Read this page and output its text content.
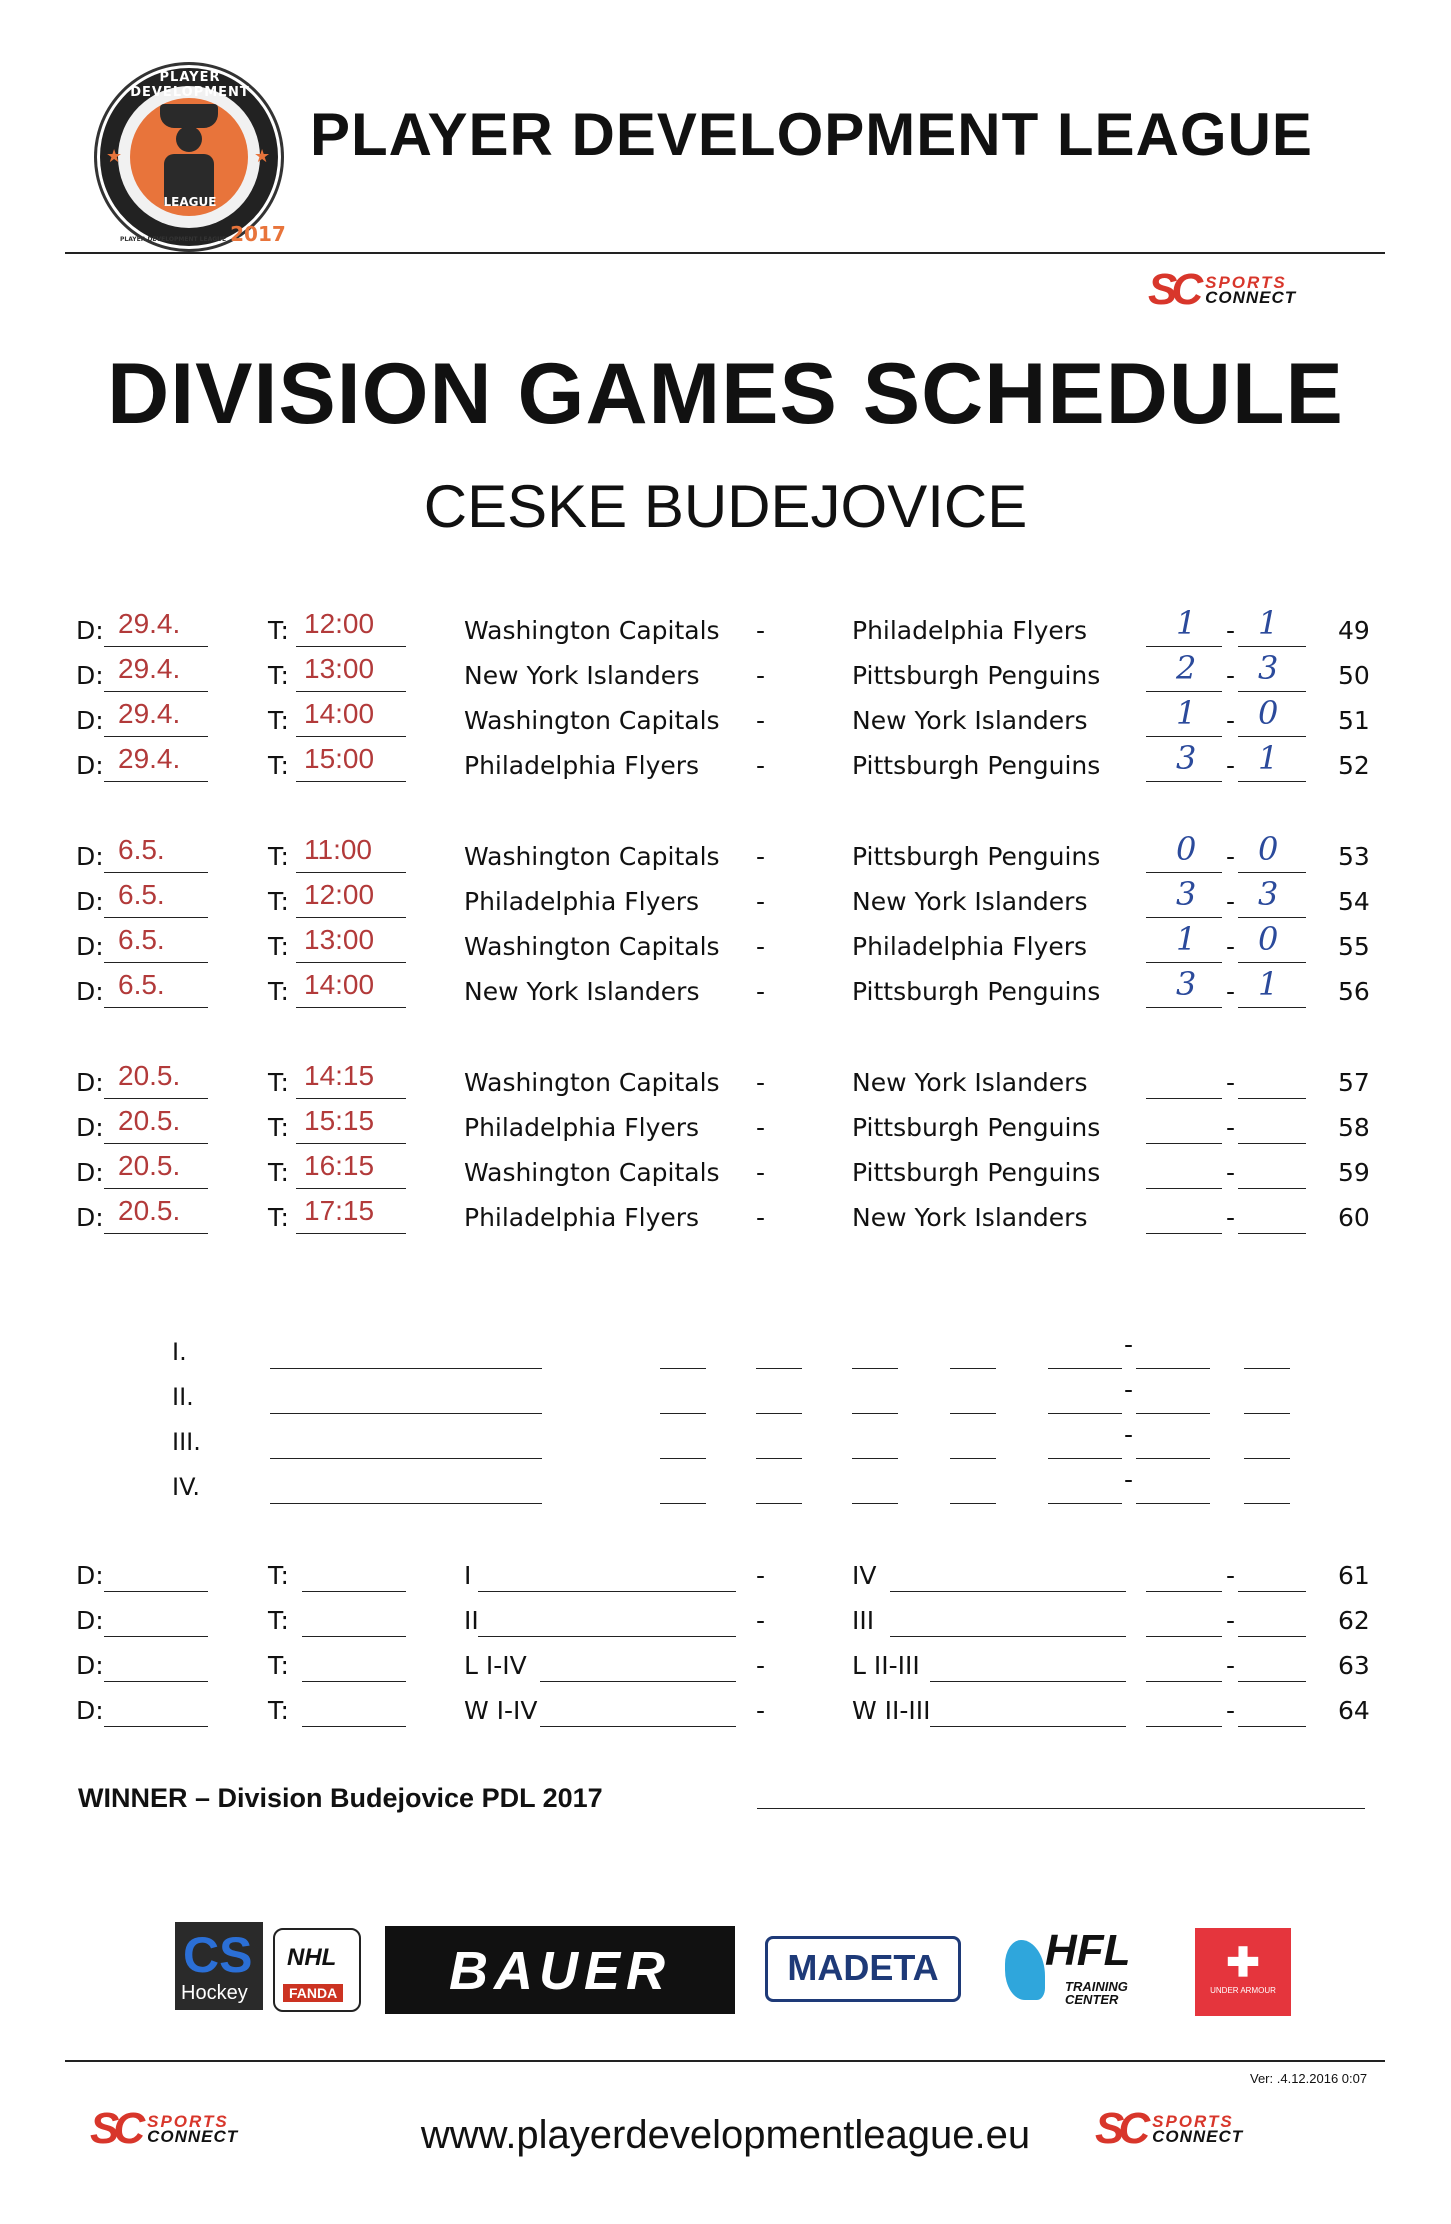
★	★
PLAYER DEVELOPMENT
LEAGUE
PLAYER DEVELOPMENT LEAGUE 2017
PLAYER DEVELOPMENT LEAGUE
SC SPORTS
CONNECT
DIVISION GAMES SCHEDULE
CESKE BUDEJOVICE
D: 29.4.	T: 12:00	Washington Capitals -	Philadelphia Flyers	1 - 1 49
D: 29.4.	T: 13:00	New York Islanders -	Pittsburgh Penguins 2 - 3 50
D: 29.4.	T: 14:00	Washington Capitals -	New York Islanders	1 - 0 51
D: 29.4.	T: 15:00	Philadelphia Flyers -	Pittsburgh Penguins 3 - 1 52
D: 6.5.	T: 11:00	Washington Capitals -	Pittsburgh Penguins 0 - 0 53
D: 6.5.	T: 12:00	Philadelphia Flyers -	New York Islanders	3 - 3 54
D: 6.5.	T: 13:00	Washington Capitals -	Philadelphia Flyers	1 - 0 55
D: 6.5.	T: 14:00	New York Islanders -	Pittsburgh Penguins 3 - 1 56
D: 20.5.	T: 14:15	Washington Capitals -	New York Islanders	-	57
D: 20.5.	T: 15:15	Philadelphia Flyers -	Pittsburgh Penguins	-	58
D: 20.5.	T: 16:15	Washington Capitals -	Pittsburgh Penguins	-	59
D: 20.5.	T: 17:15	Philadelphia Flyers -	New York Islanders	-	60
I.	-
II.	-
III.	-
IV.	-
D:	T:	I	-	IV	-	61
D:	T:	II	-	III	-	62
D:	T:	L I-IV	-	L II-III	-	63
D:	T:	W I-IV	-	W II-III	-	64
WINNER – Division Budejovice PDL 2017
CS
Hockey
NHL
FANDA	BAUER	MADETA	HFL
TRAINING
CENTER
✚
UNDER ARMOUR
Ver: .4.12.2016 0:07
SC SPORTS
CONNECT	www.playerdevelopmentleague.eu	SC SPORTS
CONNECT
